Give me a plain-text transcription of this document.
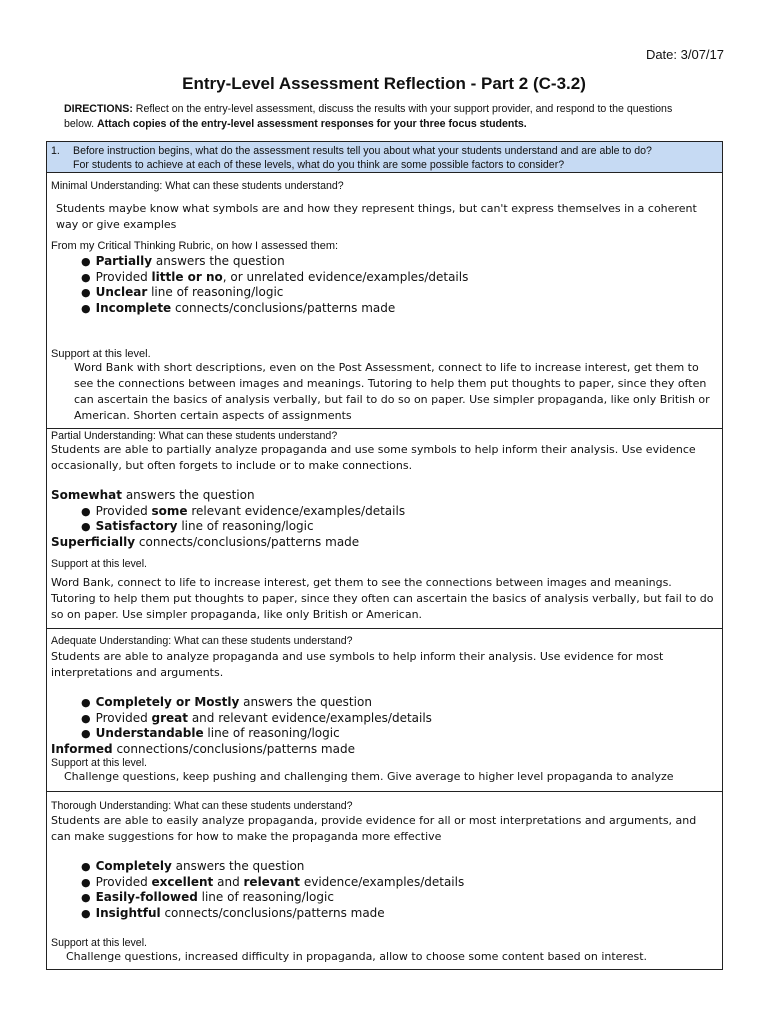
Date: 3/07/17
Entry-Level Assessment Reflection - Part 2 (C-3.2)
DIRECTIONS: Reflect on the entry-level assessment, discuss the results with your support provider, and respond to the questions below. Attach copies of the entry-level assessment responses for your three focus students.
1. Before instruction begins, what do the assessment results tell you about what your students understand and are able to do?
For students to achieve at each of these levels, what do you think are some possible factors to consider?
Minimal Understanding: What can these students understand?
Students maybe know what symbols are and how they represent things, but can't express themselves in a coherent way or give examples
From my Critical Thinking Rubric, on how I assessed them:
● Partially answers the question
● Provided little or no, or unrelated evidence/examples/details
● Unclear line of reasoning/logic
● Incomplete connects/conclusions/patterns made
Support at this level.
Word Bank with short descriptions, even on the Post Assessment, connect to life to increase interest, get them to see the connections between images and meanings. Tutoring to help them put thoughts to paper, since they often can ascertain the basics of analysis verbally, but fail to do so on paper. Use simpler propaganda, like only British or American. Shorten certain aspects of assignments
Partial Understanding: What can these students understand?
Students are able to partially analyze propaganda and use some symbols to help inform their analysis. Use evidence occasionally, but often forgets to include or to make connections.
Somewhat answers the question
● Provided some relevant evidence/examples/details
● Satisfactory line of reasoning/logic
Superficially connects/conclusions/patterns made
Support at this level.
Word Bank, connect to life to increase interest, get them to see the connections between images and meanings. Tutoring to help them put thoughts to paper, since they often can ascertain the basics of analysis verbally, but fail to do so on paper. Use simpler propaganda, like only British or American.
Adequate Understanding: What can these students understand?
Students are able to analyze propaganda and use symbols to help inform their analysis. Use evidence for most interpretations and arguments.
● Completely or Mostly answers the question
● Provided great and relevant evidence/examples/details
● Understandable line of reasoning/logic
Informed connections/conclusions/patterns made
Support at this level.
Challenge questions, keep pushing and challenging them. Give average to higher level propaganda to analyze
Thorough Understanding: What can these students understand?
Students are able to easily analyze propaganda, provide evidence for all or most interpretations and arguments, and can make suggestions for how to make the propaganda more effective
● Completely answers the question
● Provided excellent and relevant evidence/examples/details
● Easily-followed line of reasoning/logic
● Insightful connects/conclusions/patterns made
Support at this level.
Challenge questions, increased difficulty in propaganda, allow to choose some content based on interest.
